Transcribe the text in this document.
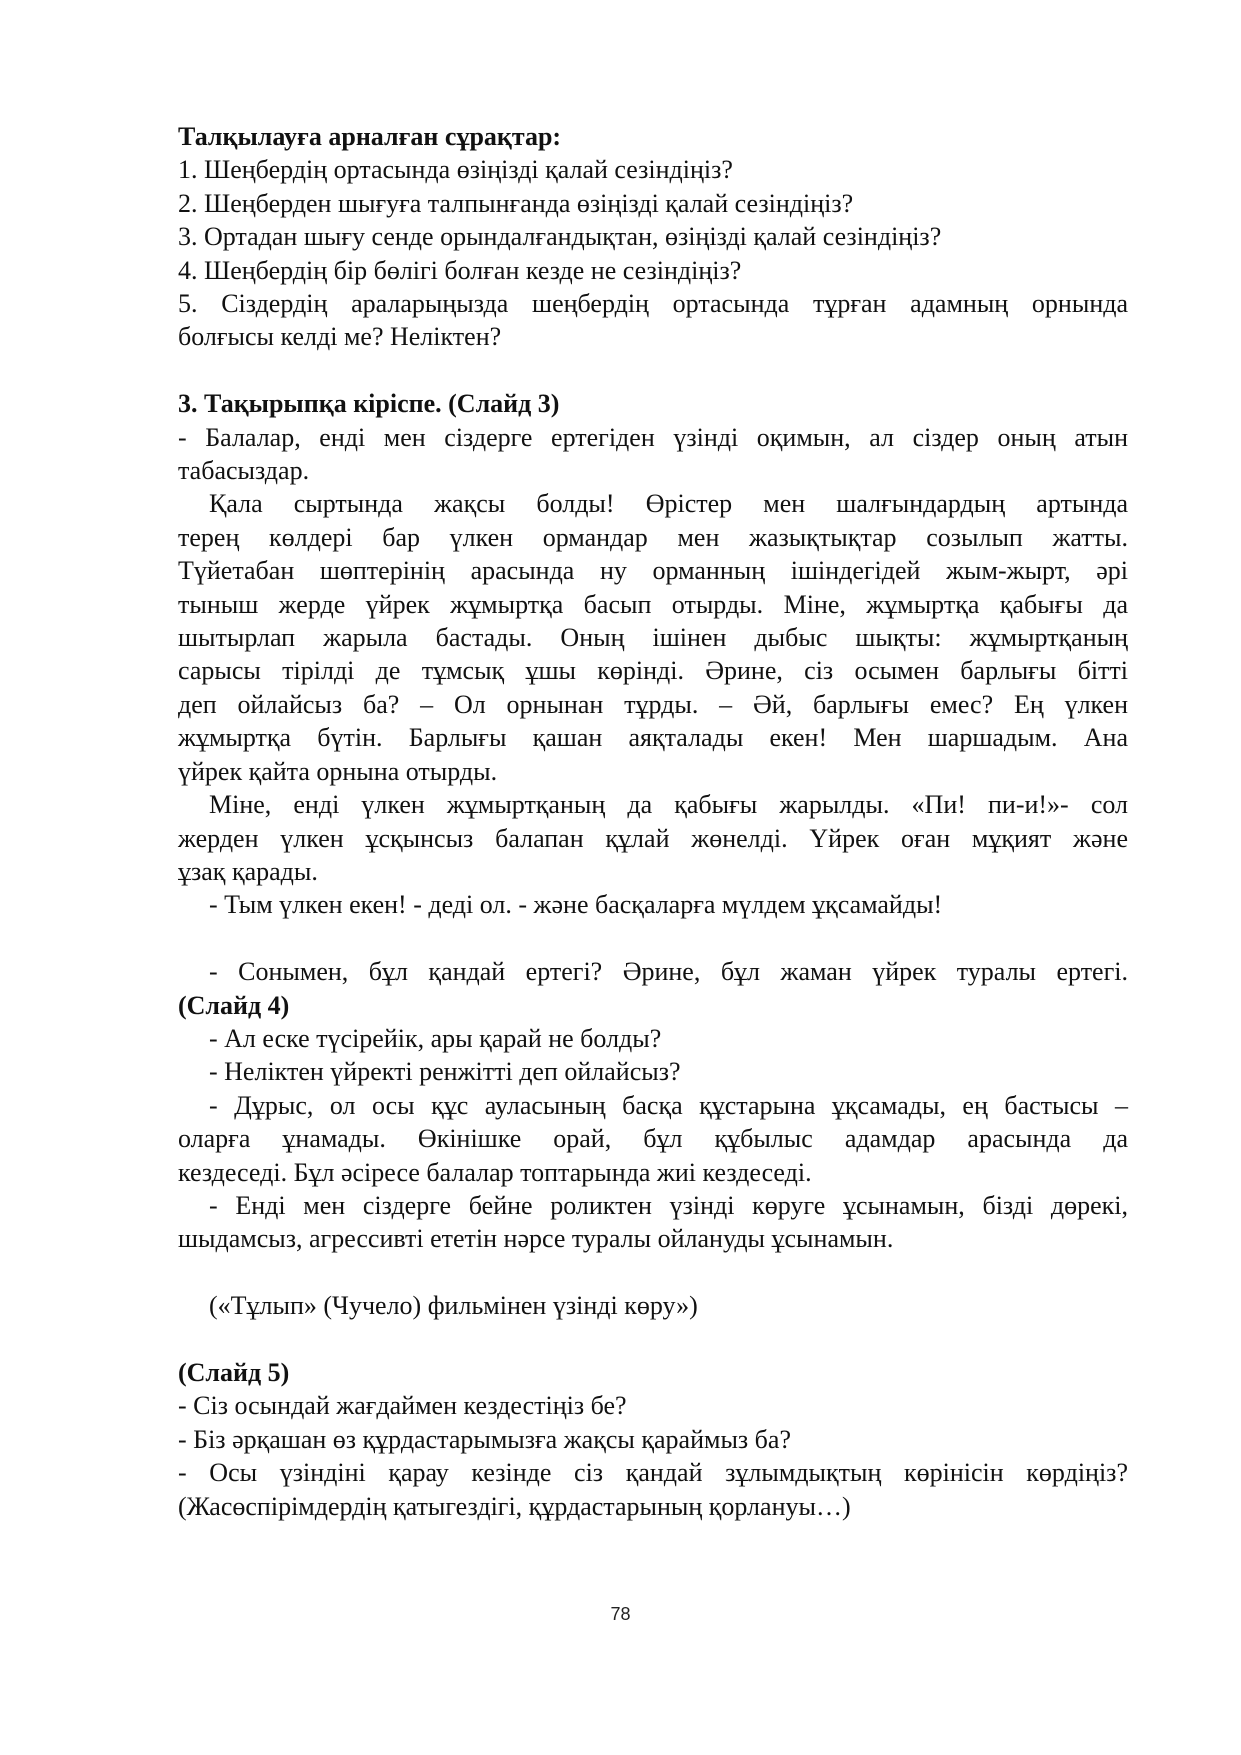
Талқылауға арналған сұрақтар:
1. Шеңбердің ортасында өзіңізді қалай сезіндіңіз?
2. Шеңберден шығуға талпынғанда өзіңізді қалай сезіндіңіз?
3. Ортадан шығу сенде орындалғандықтан, өзіңізді қалай сезіндіңіз?
4. Шеңбердің бір бөлігі болған кезде не сезіндіңіз?
5. Сіздердің араларыңызда шеңбердің ортасында тұрған адамның орнында
болғысы келді ме? Неліктен?
3. Тақырыпқа кіріспе. (Слайд 3)
- Балалар, енді мен сіздерге ертегіден үзінді оқимын, ал сіздер оның атын
табасыздар.
Қала сыртында жақсы болды! Өрістер мен шалғындардың артында
терең көлдері бар үлкен ормандар мен жазықтықтар созылып жатты.
Түйетабан шөптерінің арасында ну орманның ішіндегідей жым-жырт, әрі
тыныш жерде үйрек жұмыртқа басып отырды. Міне, жұмыртқа қабығы да
шытырлап жарыла бастады. Оның ішінен дыбыс шықты: жұмыртқаның
сарысы тірілді де тұмсық ұшы көрінді. Әрине, сіз осымен барлығы бітті
деп ойлайсыз ба? – Ол орнынан тұрды. – Әй, барлығы емес? Ең үлкен
жұмыртқа бүтін. Барлығы қашан аяқталады екен! Мен шаршадым. Ана
үйрек қайта орнына отырды.
Міне, енді үлкен жұмыртқаның да қабығы жарылды. «Пи! пи-и!»- сол
жерден үлкен ұсқынсыз балапан құлай жөнелді. Үйрек оған мұқият және
ұзақ қарады.
- Тым үлкен екен! - деді ол. - және басқаларға мүлдем ұқсамайды!
- Сонымен, бұл қандай ертегі? Әрине, бұл жаман үйрек туралы ертегі.
(Слайд 4)
- Ал еске түсірейік, ары қарай не болды?
- Неліктен үйректі ренжітті деп ойлайсыз?
- Дұрыс, ол осы құс ауласының басқа құстарына ұқсамады, ең бастысы –
оларға ұнамады. Өкінішке орай, бұл құбылыс адамдар арасында да
кездеседі. Бұл әсіресе балалар топтарында жиі кездеседі.
- Енді мен сіздерге бейне роликтен үзінді көруге ұсынамын, бізді дөрекі,
шыдамсыз, агрессивті ететін нәрсе туралы ойлануды ұсынамын.
(«Тұлып» (Чучело) фильмінен үзінді көру»)
(Слайд 5)
- Сіз осындай жағдаймен кездестіңіз бе?
- Біз әрқашан өз құрдастарымызға жақсы қараймыз ба?
- Осы үзіндіні қарау кезінде сіз қандай зұлымдықтың көрінісін көрдіңіз?
(Жасөспірімдердің қатыгездігі, құрдастарының қорлануы…)
78
